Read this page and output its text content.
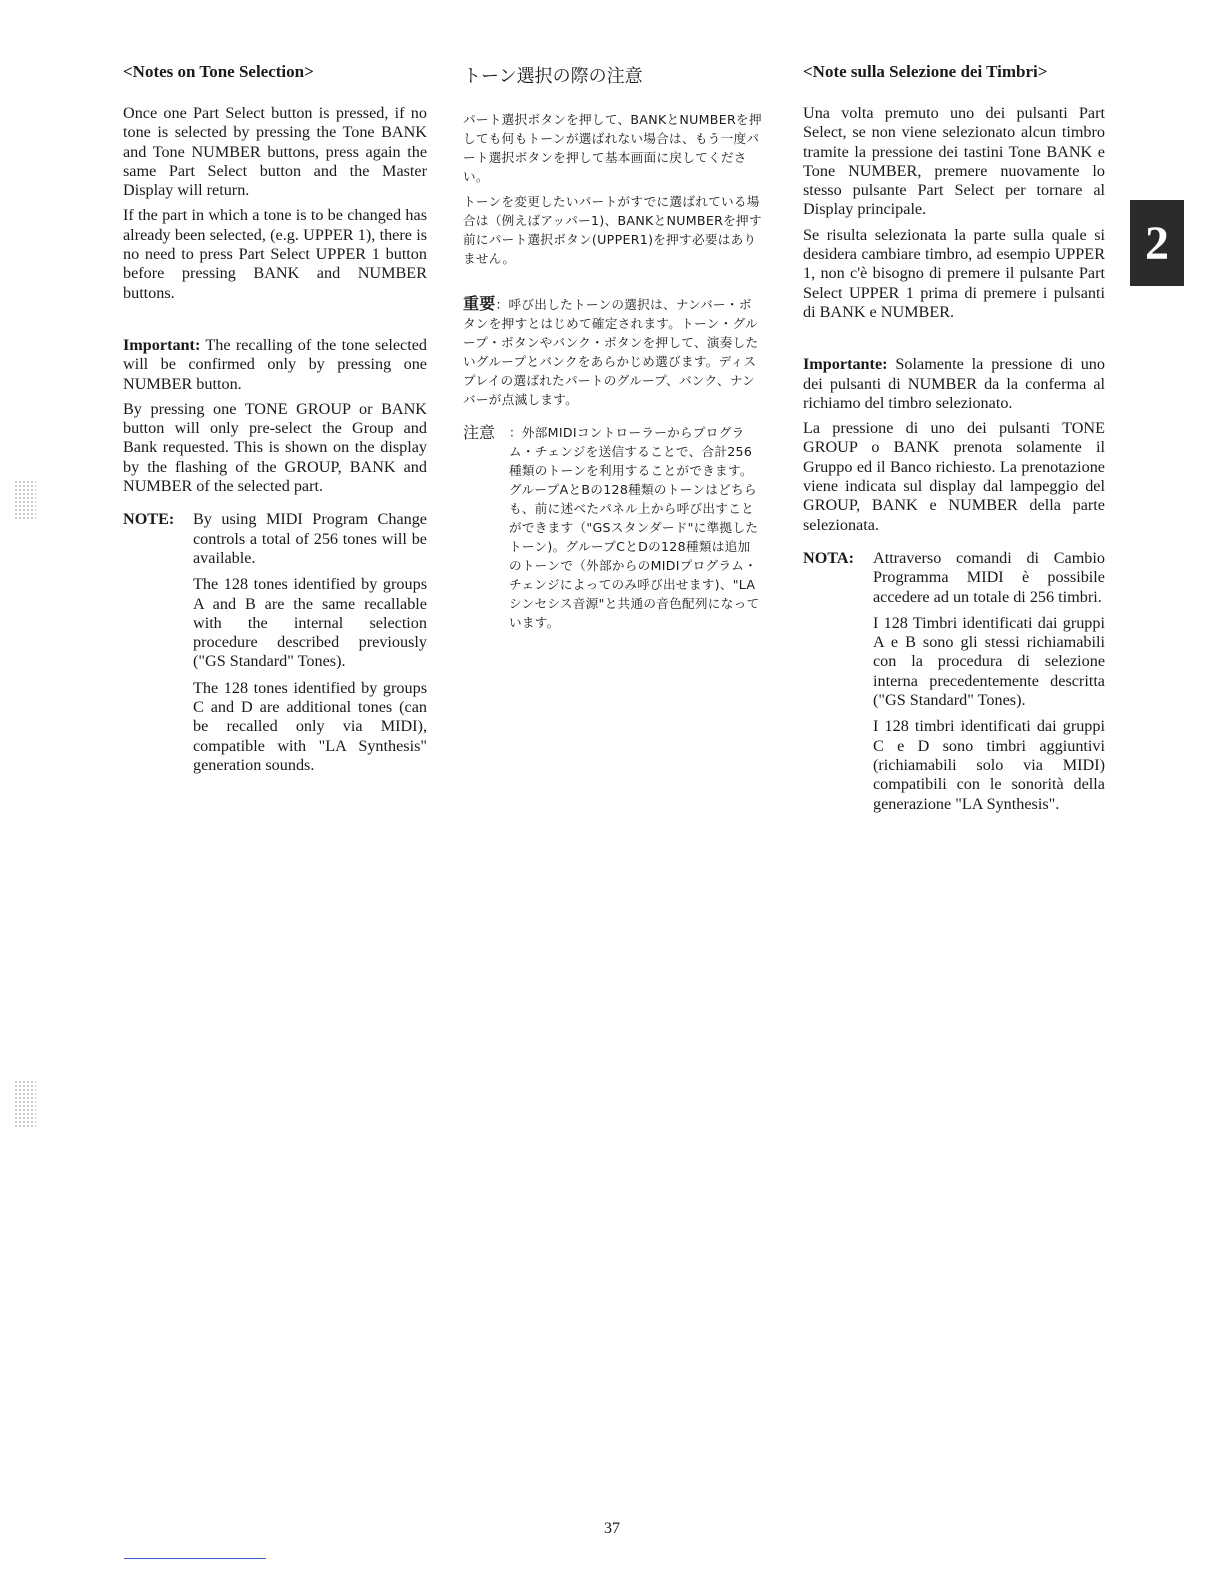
<Notes on Tone Selection>

Once one Part Select button is pressed, if no tone is selected by pressing the Tone BANK and Tone NUMBER buttons, press again the same Part Select button and the Master Display will return.

If the part in which a tone is to be changed has already been selected, (e.g. UPPER 1), there is no need to press Part Select UPPER 1 button before pressing BANK and NUMBER buttons.

Important: The recalling of the tone selected will be confirmed only by pressing one NUMBER button.

By pressing one TONE GROUP or BANK button will only pre-select the Group and Bank requested. This is shown on the display by the flashing of the GROUP, BANK and NUMBER of the selected part.

NOTE:	By using MIDI Program Change controls a total of 256 tones will be available.

The 128 tones identified by groups A and B are the same recallable with the internal selection procedure described previously ("GS Standard" Tones).

The 128 tones identified by groups C and D are additional tones (can be recalled only via MIDI), compatible with "LA Synthesis" generation sounds.

トーン選択の際の注意

パート選択ボタンを押して、BANKとNUMBERを押しても何もトーンが選ばれない場合は、もう一度パート選択ボタンを押して基本画面に戻してください。

トーンを変更したいパートがすでに選ばれている場合は（例えばアッパー1)、BANKとNUMBERを押す前にパート選択ボタン(UPPER1)を押す必要はありません。

重要：呼び出したトーンの選択は、ナンバー・ボタンを押すとはじめて確定されます。トーン・グループ・ボタンやバンク・ボタンを押して、演奏したいグループとバンクをあらかじめ選びます。ディスプレイの選ばれたパートのグループ、バンク、ナンバーが点滅します。

注意	：外部MIDIコントローラーからプログラム・チェンジを送信することで、合計256種類のトーンを利用することができます。グループAとBの128種類のトーンはどちらも、前に述べたパネル上から呼び出すことができます（"GSスタンダード"に準拠したトーン)。グループCとDの128種類は追加のトーンで（外部からのMIDIプログラム・チェンジによってのみ呼び出せます)、"LAシンセシス音源"と共通の音色配列になっています。

<Note sulla Selezione dei Timbri>

Una volta premuto uno dei pulsanti Part Select, se non viene selezionato alcun timbro tramite la pressione dei tastini Tone BANK e Tone NUMBER, premere nuovamente lo stesso pulsante Part Select per tornare al Display principale.

Se risulta selezionata la parte sulla quale si desidera cambiare timbro, ad esempio UPPER 1, non c'è bisogno di premere il pulsante Part Select UPPER 1 prima di premere i pulsanti di BANK e NUMBER.

Importante: Solamente la pressione di uno dei pulsanti di NUMBER da la conferma al richiamo del timbro selezionato.

La pressione di uno dei pulsanti TONE GROUP o BANK prenota solamente il Gruppo ed il Banco richiesto. La prenotazione viene indicata sul display dal lampeggio del GROUP, BANK e NUMBER della parte selezionata.

NOTA:	Attraverso comandi di Cambio Programma MIDI è possibile accedere ad un totale di 256 timbri.

I 128 Timbri identificati dai gruppi A e B sono gli stessi richiamabili con la procedura di selezione interna precedentemente descritta ("GS Standard" Tones).

I 128 timbri identificati dai gruppi C e D sono timbri aggiuntivi (richiamabili solo via MIDI) compatibili con le sonorità della generazione "LA Synthesis".

2
37
